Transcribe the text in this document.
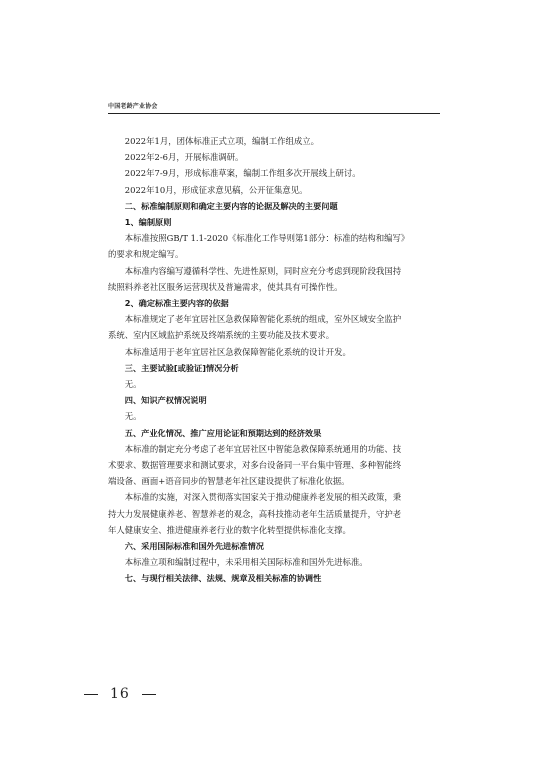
中国老龄产业协会
2022年1月，团体标准正式立项，编制工作组成立。
2022年2-6月，开展标准调研。
2022年7-9月，形成标准草案，编制工作组多次开展线上研讨。
2022年10月，形成征求意见稿，公开征集意见。
二、标准编制原则和确定主要内容的论据及解决的主要问题
1、编制原则
本标准按照GB/T 1.1-2020《标准化工作导则第1部分：标准的结构和编写》
的要求和规定编写。
本标准内容编写遵循科学性、先进性原则，同时应充分考虑到现阶段我国持
续照料养老社区服务运营现状及普遍需求，使其具有可操作性。
2、确定标准主要内容的依据
本标准规定了老年宜居社区急救保障智能化系统的组成，室外区域安全监护
系统、室内区域监护系统及终端系统的主要功能及技术要求。
本标准适用于老年宜居社区急救保障智能化系统的设计开发。
三、主要试验[或验证]情况分析
无。
四、知识产权情况说明
无。
五、产业化情况、推广应用论证和预期达到的经济效果
本标准的制定充分考虑了老年宜居社区中智能急救保障系统通用的功能、技
术要求、数据管理要求和测试要求，对多台设备同一平台集中管理、多种智能终
端设备、画面+语音同步的智慧老年社区建设提供了标准化依据。
本标准的实施，对深入贯彻落实国家关于推动健康养老发展的相关政策，秉
持大力发展健康养老、智慧养老的观念，高科技推动老年生活质量提升，守护老
年人健康安全、推进健康养老行业的数字化转型提供标准化支撑。
六、采用国际标准和国外先进标准情况
本标准立项和编制过程中，未采用相关国际标准和国外先进标准。
七、与现行相关法律、法规、规章及相关标准的协调性
16
